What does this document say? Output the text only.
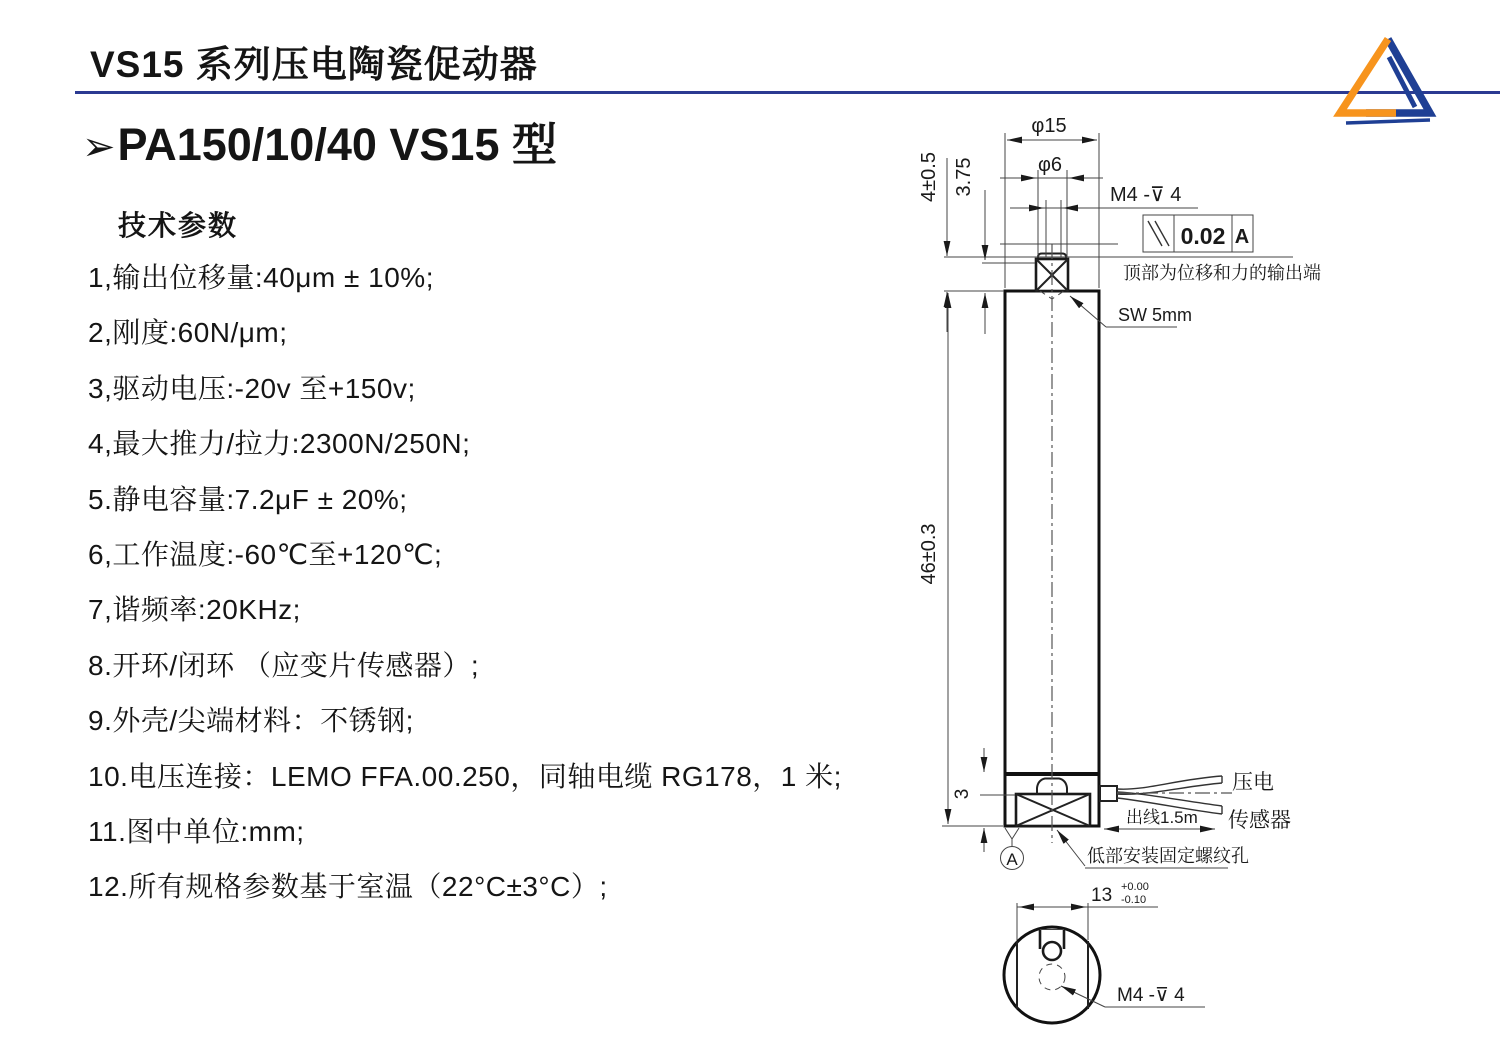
VS15 系列压电陶瓷促动器
➢PA150/10/40 VS15 型
技术参数
1,输出位移量:40μm ± 10%;
2,刚度:60N/μm;
3,驱动电压:-20v 至+150v;
4,最大推力/拉力:2300N/250N;
5.静电容量:7.2μF ± 20%;
6,工作温度:-60℃至+120℃;
7,谐频率:20KHz;
8.开环/闭环 （应变片传感器）;
9.外壳/尖端材料：不锈钢;
10.电压连接：LEMO FFA.00.250，同轴电缆 RG178，1 米;
11.图中单位:mm;
12.所有规格参数基于室温（22°C±3°C）;
φ15
φ6
M4 -⊽ 4
0.02 A
顶部为位移和力的输出端
SW 5mm
4±0.5 3.75
46±0.3
3
出线1.5m
压电
传感器
A	低部安装固定螺纹孔
13 +0.00
-0.10
M4 -⊽ 4
